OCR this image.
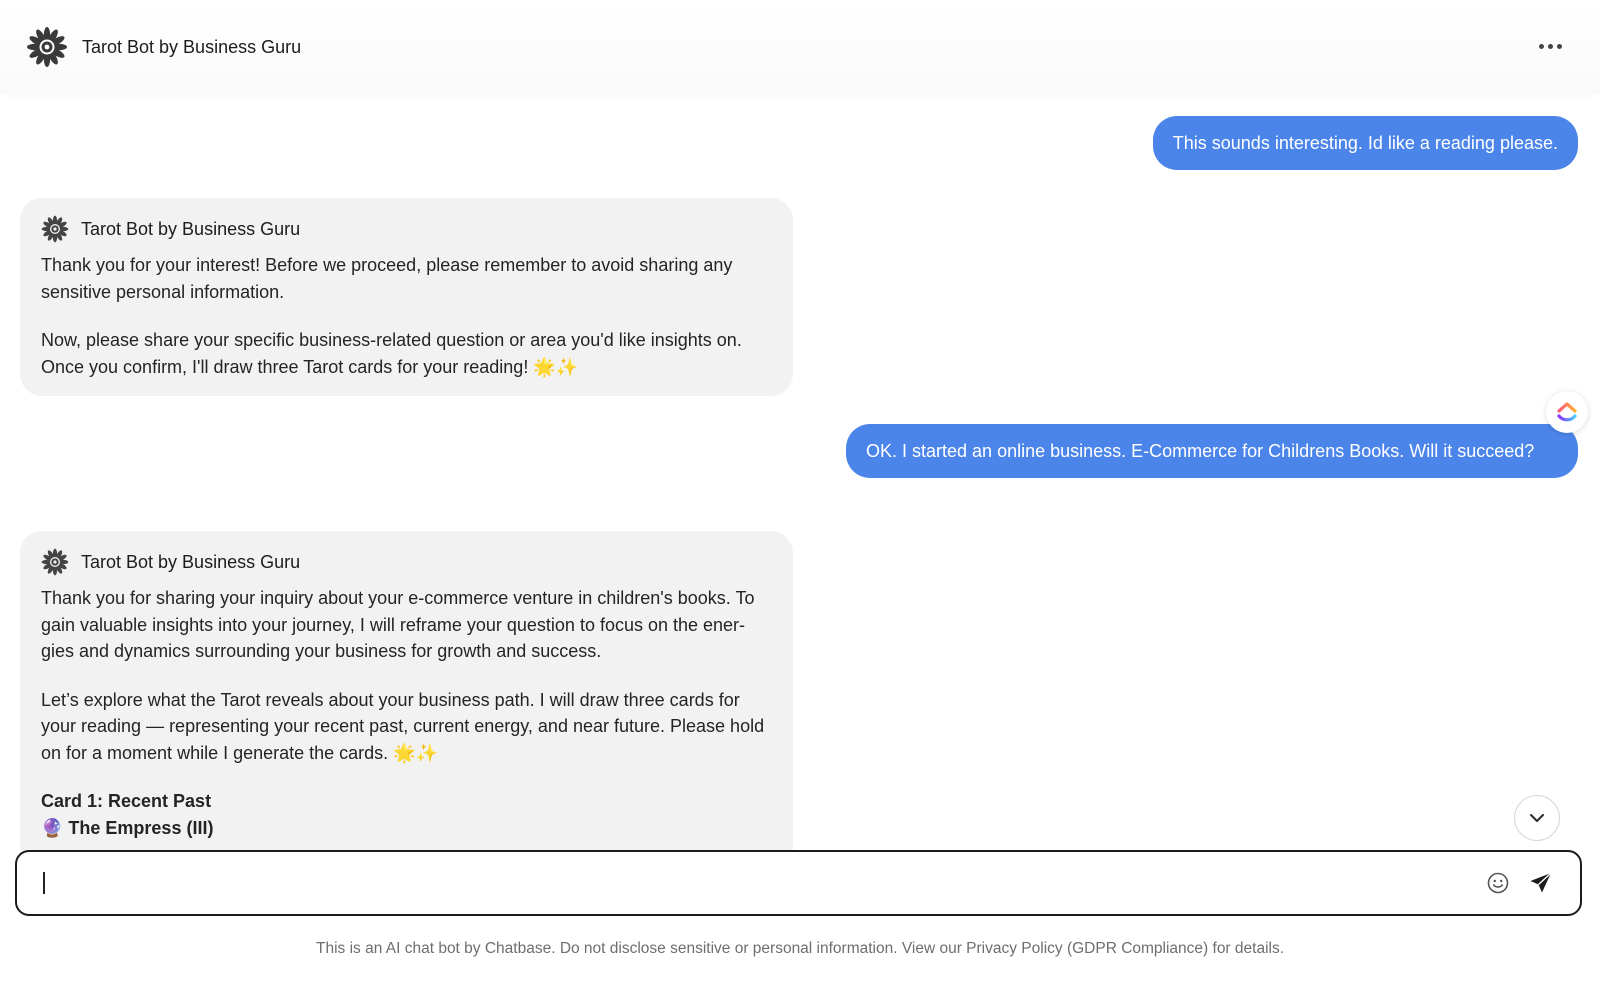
Tarot Bot by Business Guru
This sounds interesting. Id like a reading please.
Tarot Bot by Business Guru

Thank you for your interest! Before we proceed, please remember to avoid sharing any sensitive personal information.

Now, please share your specific business-related question or area you'd like insights on. Once you confirm, I'll draw three Tarot cards for your reading! 🌟✨

OK. I started an online business. E-Commerce for Childrens Books. Will it succeed?
Tarot Bot by Business Guru

Thank you for sharing your inquiry about your e-commerce venture in children's books. To gain valuable insights into your journey, I will reframe your question to focus on the ener-gies and dynamics surrounding your business for growth and success.

Let’s explore what the Tarot reveals about your business path. I will draw three cards for your reading — representing your recent past, current energy, and near future. Please hold on for a moment while I generate the cards. 🌟✨

Card 1: Recent Past

🔮 The Empress (III)

This is an AI chat bot by Chatbase. Do not disclose sensitive or personal information. View our Privacy Policy (GDPR Compliance) for details.
